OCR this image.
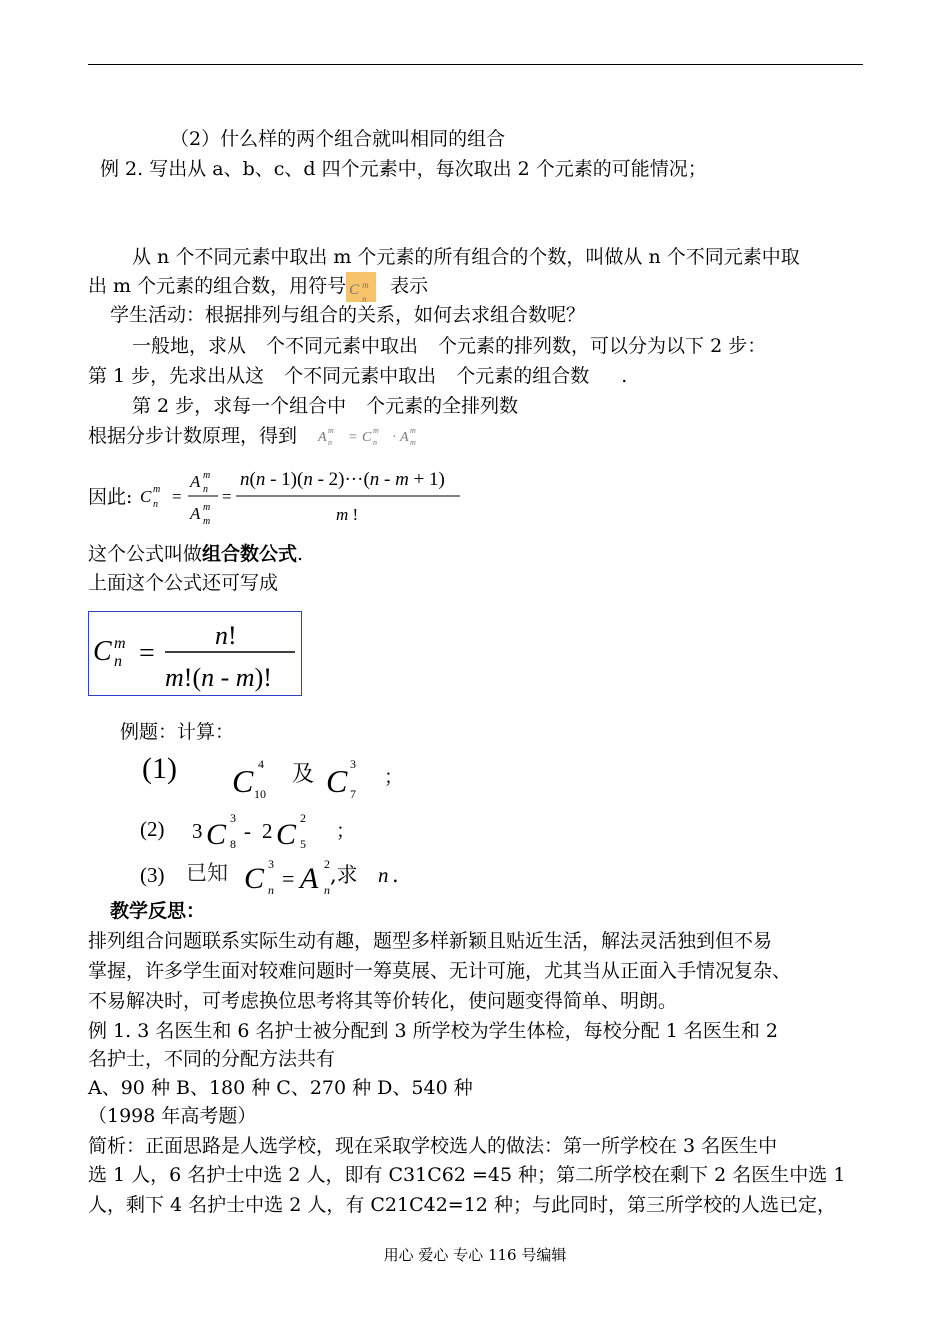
（2）什么样的两个组合就叫相同的组合
例 2. 写出从 a、b、c、d 四个元素中，每次取出 2 个元素的可能情况；
从 n 个不同元素中取出 m 个元素的所有组合的个数，叫做从 n 个不同元素中取
出 m 个元素的组合数，用符号 C m
n
表示
学生活动：根据排列与组合的关系，如何去求组合数呢？
一般地，求从 个不同元素中取出 个元素的排列数，可以分为以下 2 步：
第 1 步，先求出从这 个不同元素中取出 个元素的组合数 .
第 2 步，求每一个组合中 个元素的全排列数
根据分步计数原理，得到 A m
n = C m
n · A m
m
因此: C m
n =
A m
n
A m
m
=
n(n - 1)(n - 2)···(n - m + 1)
m !
这个公式叫做组合数公式.
上面这个公式还可写成
C m
n =
n!
m!(n - m)!
例题：计算：
(1) C 4
10 C 3
7
及	；
(2) 3 C 3
8
- 2 C 2
5
；
(3) 已知 C 3
n = A 2
n
,求 n .
教学反思：
排列组合问题联系实际生动有趣，题型多样新颖且贴近生活，解法灵活独到但不易
掌握，许多学生面对较难问题时一筹莫展、无计可施，尤其当从正面入手情况复杂、
不易解决时，可考虑换位思考将其等价转化，使问题变得简单、明朗。
例 1. 3 名医生和 6 名护士被分配到 3 所学校为学生体检，每校分配 1 名医生和 2
名护士，不同的分配方法共有
A、90 种 B、180 种 C、270 种 D、540 种
（1998 年高考题）
简析：正面思路是人选学校，现在采取学校选人的做法：第一所学校在 3 名医生中
选 1 人，6 名护士中选 2 人，即有 C31C62 =45 种；第二所学校在剩下 2 名医生中选 1
人，剩下 4 名护士中选 2 人，有 C21C42=12 种；与此同时，第三所学校的人选已定，
用心 爱心 专心 116 号编辑
